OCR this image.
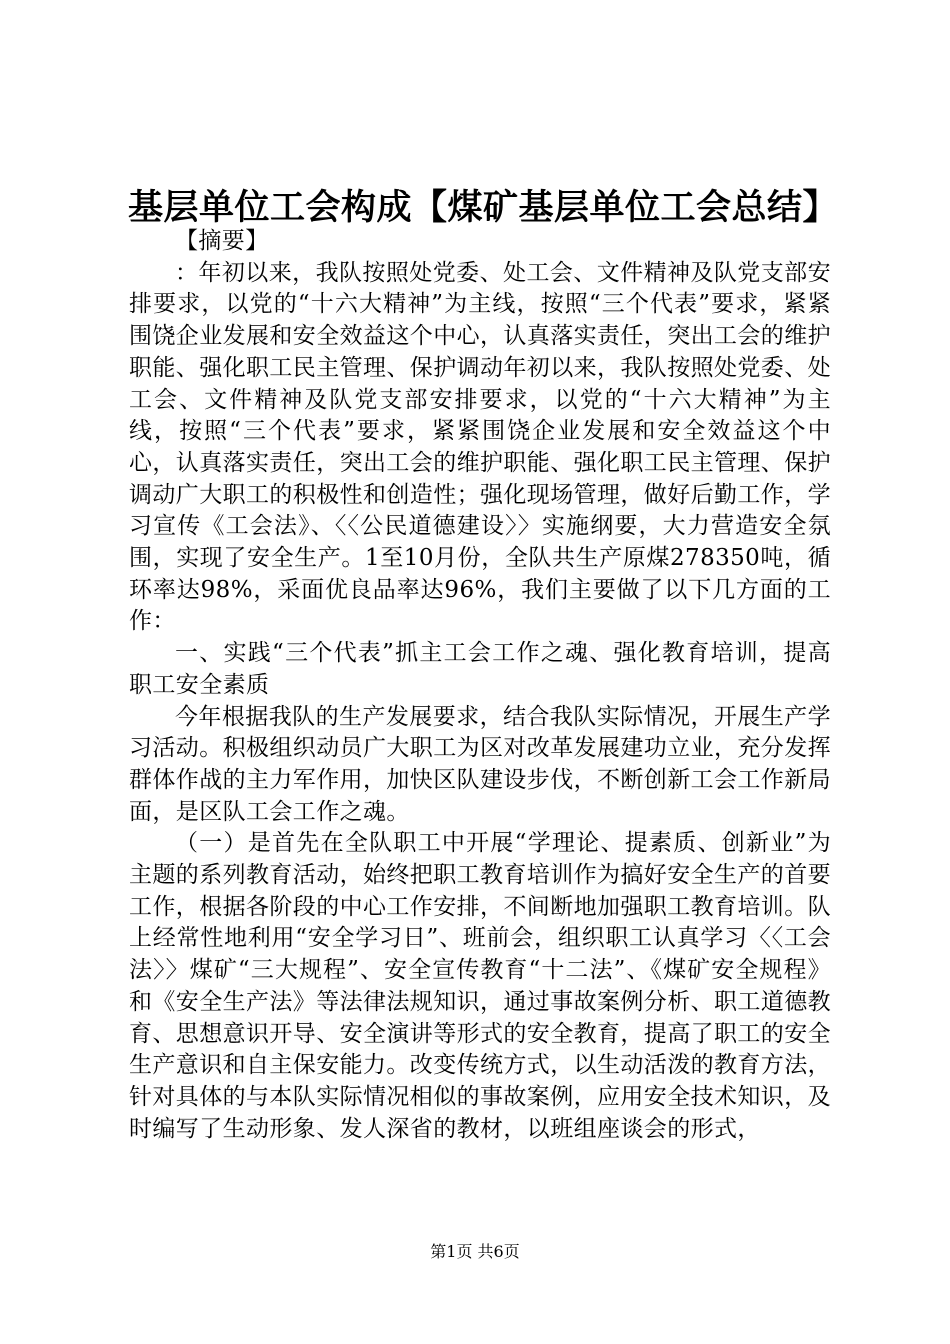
基层单位工会构成【煤矿基层单位工会总结】

【摘要】

：年初以来，我队按照处党委、处工会、文件精神及队党支部安排要求，以党的“十六大精神”为主线，按照“三个代表”要求，紧紧围饶企业发展和安全效益这个中心，认真落实责任，突出工会的维护职能、强化职工民主管理、保护调动年初以来，我队按照处党委、处工会、文件精神及队党支部安排要求，以党的“十六大精神”为主线，按照“三个代表”要求，紧紧围饶企业发展和安全效益这个中心，认真落实责任，突出工会的维护职能、强化职工民主管理、保护调动广大职工的积极性和创造性；强化现场管理，做好后勤工作，学习宣传《工会法》、〈〈公民道德建设〉〉实施纲要，大力营造安全氛围，实现了安全生产。1至10月份，全队共生产原煤278350吨，循环率达98%，采面优良品率达96%，我们主要做了以下几方面的工作：

一、实践“三个代表”抓主工会工作之魂、强化教育培训，提高职工安全素质

今年根据我队的生产发展要求，结合我队实际情况，开展生产学习活动。积极组织动员广大职工为区对改革发展建功立业，充分发挥群体作战的主力军作用，加快区队建设步伐，不断创新工会工作新局面，是区队工会工作之魂。

（一）是首先在全队职工中开展“学理论、提素质、创新业”为主题的系列教育活动，始终把职工教育培训作为搞好安全生产的首要工作，根据各阶段的中心工作安排，不间断地加强职工教育培训。队上经常性地利用“安全学习日”、班前会，组织职工认真学习〈〈工会法〉〉煤矿“三大规程”、安全宣传教育“十二法”、《煤矿安全规程》和《安全生产法》等法律法规知识，通过事故案例分析、职工道德教育、思想意识开导、安全演讲等形式的安全教育，提高了职工的安全生产意识和自主保安能力。改变传统方式，以生动活泼的教育方法，针对具体的与本队实际情况相似的事故案例，应用安全技术知识，及时编写了生动形象、发人深省的教材，以班组座谈会的形式，

第1页 共6页
